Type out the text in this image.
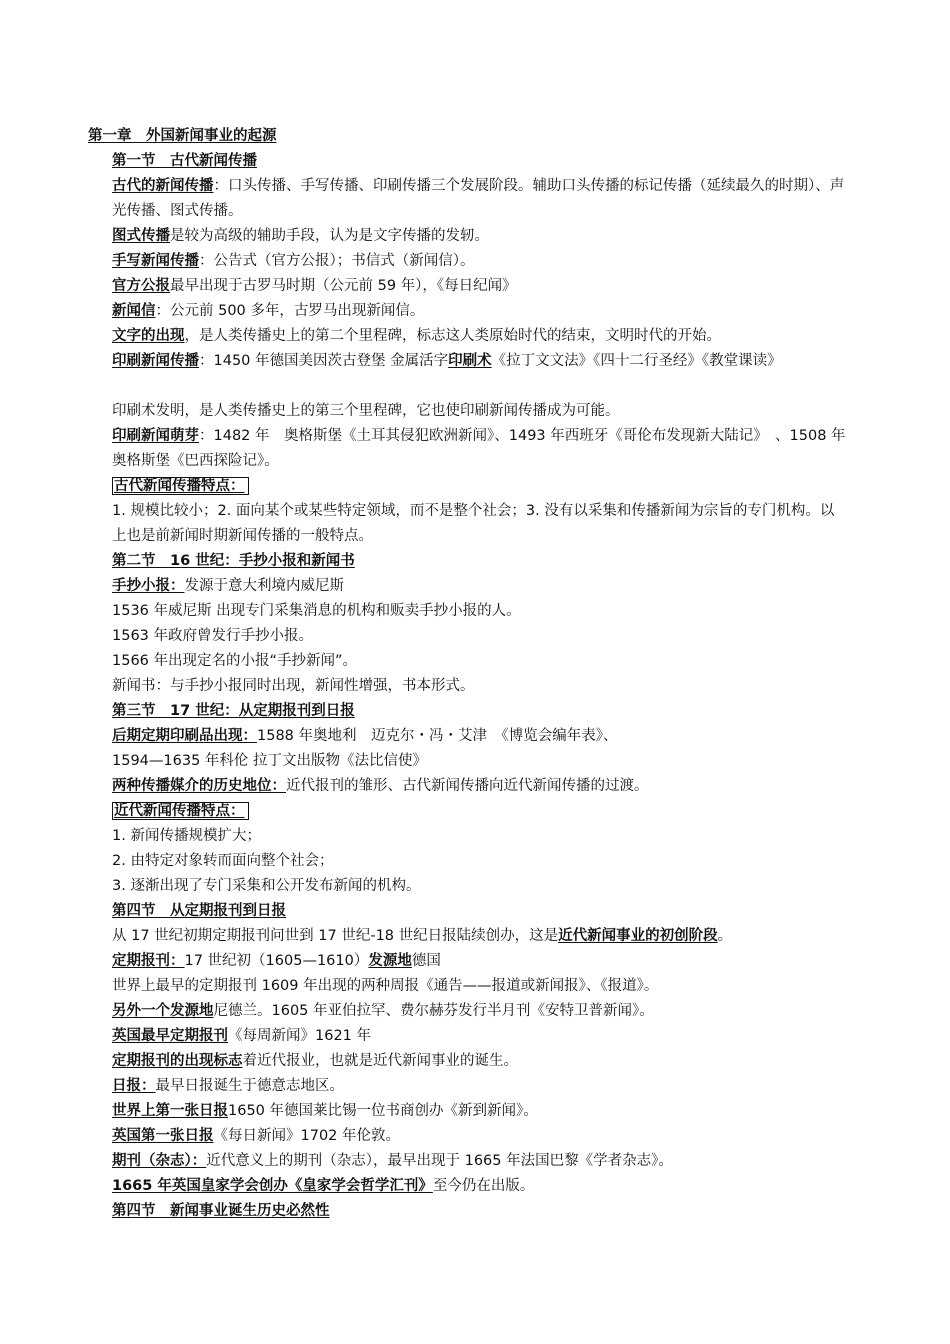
第一章　外国新闻事业的起源
第一节　古代新闻传播
古代的新闻传播：口头传播、手写传播、印刷传播三个发展阶段。辅助口头传播的标记传播（延续最久的时期）、声光传播、图式传播。
图式传播是较为高级的辅助手段，认为是文字传播的发轫。
手写新闻传播：公告式（官方公报）；书信式（新闻信）。
官方公报最早出现于古罗马时期（公元前 59 年），《每日纪闻》
新闻信：公元前 500 多年，古罗马出现新闻信。
文字的出现，是人类传播史上的第二个里程碑，标志这人类原始时代的结束，文明时代的开始。
印刷新闻传播：1450 年德国美因茨古登堡 金属活字印刷术《拉丁文文法》《四十二行圣经》《教堂课读》
印刷术发明，是人类传播史上的第三个里程碑，它也使印刷新闻传播成为可能。
印刷新闻萌芽：1482 年　奥格斯堡《土耳其侵犯欧洲新闻》、1493 年西班牙《哥伦布发现新大陆记》　、1508 年　奥格斯堡《巴西探险记》。
古代新闻传播特点：
1. 规模比较小；2. 面向某个或某些特定领域，而不是整个社会；3. 没有以采集和传播新闻为宗旨的专门机构。以上也是前新闻时期新闻传播的一般特点。
第二节　16 世纪：手抄小报和新闻书
手抄小报：发源于意大利境内威尼斯
1536 年威尼斯 出现专门采集消息的机构和贩卖手抄小报的人。
1563 年政府曾发行手抄小报。
1566 年出现定名的小报“手抄新闻”。
新闻书：与手抄小报同时出现，新闻性增强，书本形式。
第三节　17 世纪：从定期报刊到日报
后期定期印刷品出现：1588 年奥地利　迈克尔・冯・艾津　《博览会编年表》、
1594—1635 年科伦 拉丁文出版物《法比信使》
两种传播媒介的历史地位：近代报刊的雏形、古代新闻传播向近代新闻传播的过渡。
近代新闻传播特点：
1. 新闻传播规模扩大；
2. 由特定对象转而面向整个社会；
3. 逐渐出现了专门采集和公开发布新闻的机构。
第四节　从定期报刊到日报
从 17 世纪初期定期报刊问世到 17 世纪-18 世纪日报陆续创办，这是近代新闻事业的初创阶段。
定期报刊：17 世纪初（1605—1610）发源地德国
世界上最早的定期报刊 1609 年出现的两种周报《通告——报道或新闻报》、《报道》。
另外一个发源地尼德兰。1605 年亚伯拉罕、费尔赫芬发行半月刊《安特卫普新闻》。
英国最早定期报刊《每周新闻》1621 年
定期报刊的出现标志着近代报业，也就是近代新闻事业的诞生。
日报：最早日报诞生于德意志地区。
世界上第一张日报1650 年德国莱比锡一位书商创办《新到新闻》。
英国第一张日报《每日新闻》1702 年伦敦。
期刊（杂志）：近代意义上的期刊（杂志），最早出现于 1665 年法国巴黎《学者杂志》。
1665 年英国皇家学会创办《皇家学会哲学汇刊》至今仍在出版。
第四节　新闻事业诞生历史必然性
